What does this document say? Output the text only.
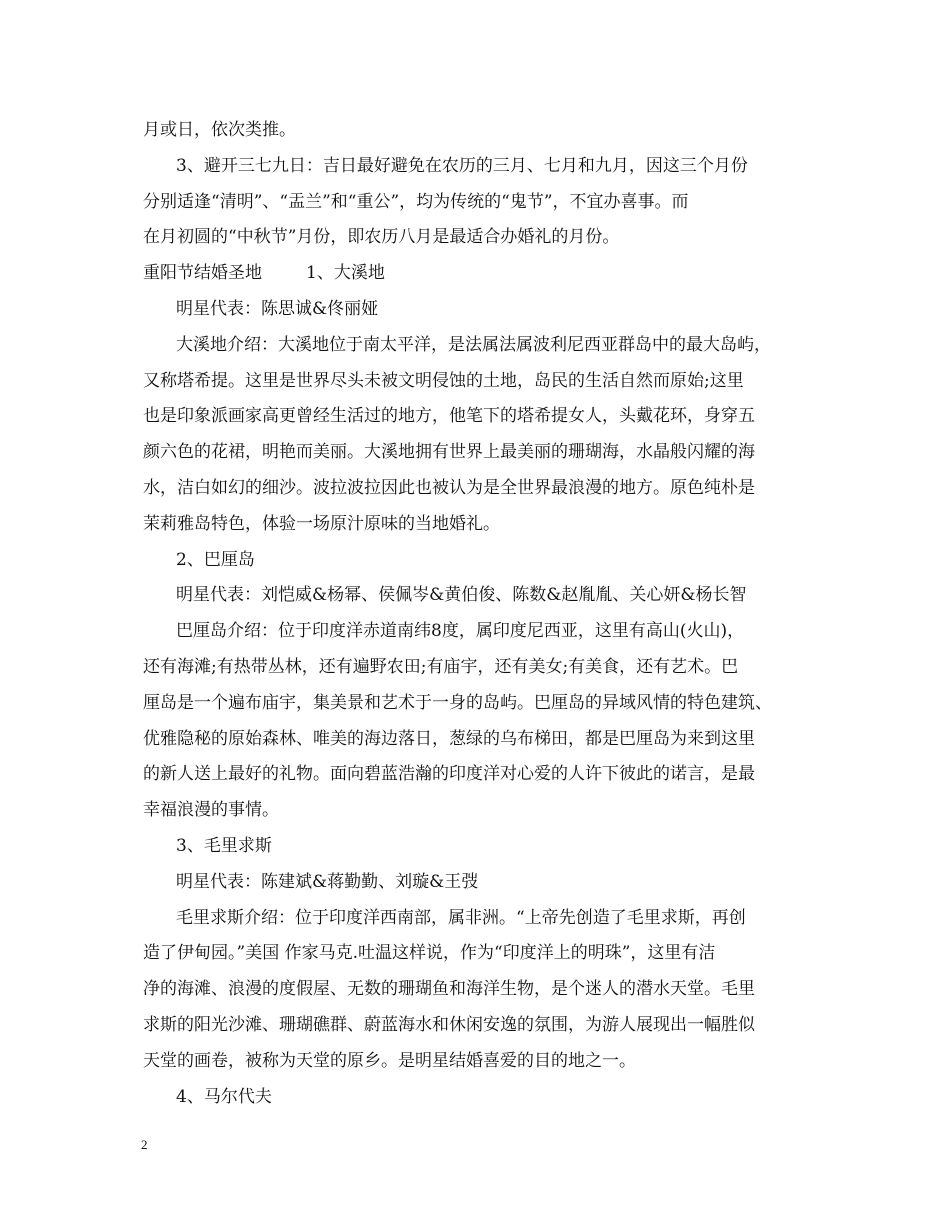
月或日，依次类推。
3、避开三七九日：吉日最好避免在农历的三月、七月和九月，因这三个月份
分别适逢“清明”、“盂兰”和“重公”，均为传统的“鬼节”，不宜办喜事。而
在月初圆的“中秋节”月份，即农历八月是最适合办婚礼的月份。
重阳节结婚圣地	1、大溪地
明星代表：陈思诚&佟丽娅
大溪地介绍：大溪地位于南太平洋，是法属法属波利尼西亚群岛中的最大岛屿，
又称塔希提。这里是世界尽头未被文明侵蚀的土地，岛民的生活自然而原始;这里
也是印象派画家高更曾经生活过的地方，他笔下的塔希提女人，头戴花环，身穿五
颜六色的花裙，明艳而美丽。大溪地拥有世界上最美丽的珊瑚海，水晶般闪耀的海
水，洁白如幻的细沙。波拉波拉因此也被认为是全世界最浪漫的地方。原色纯朴是
茉莉雅岛特色，体验一场原汁原味的当地婚礼。
2、巴厘岛
明星代表：刘恺威&杨幂、侯佩岑&黄伯俊、陈数&赵胤胤、关心妍&杨长智
巴厘岛介绍：位于印度洋赤道南纬8度，属印度尼西亚，这里有高山(火山)，
还有海滩;有热带丛林，还有遍野农田;有庙宇，还有美女;有美食，还有艺术。巴
厘岛是一个遍布庙宇，集美景和艺术于一身的岛屿。巴厘岛的异域风情的特色建筑、
优雅隐秘的原始森林、唯美的海边落日，葱绿的乌布梯田，都是巴厘岛为来到这里
的新人送上最好的礼物。面向碧蓝浩瀚的印度洋对心爱的人许下彼此的诺言，是最
幸福浪漫的事情。
3、毛里求斯
明星代表：陈建斌&蒋勤勤、刘璇&王弢
毛里求斯介绍：位于印度洋西南部，属非洲。“上帝先创造了毛里求斯，再创
造了伊甸园。”美国 作家马克.吐温这样说，作为“印度洋上的明珠”，这里有洁
净的海滩、浪漫的度假屋、无数的珊瑚鱼和海洋生物，是个迷人的潜水天堂。毛里
求斯的阳光沙滩、珊瑚礁群、蔚蓝海水和休闲安逸的氛围，为游人展现出一幅胜似
天堂的画卷，被称为天堂的原乡。是明星结婚喜爱的目的地之一。
4、马尔代夫
2
